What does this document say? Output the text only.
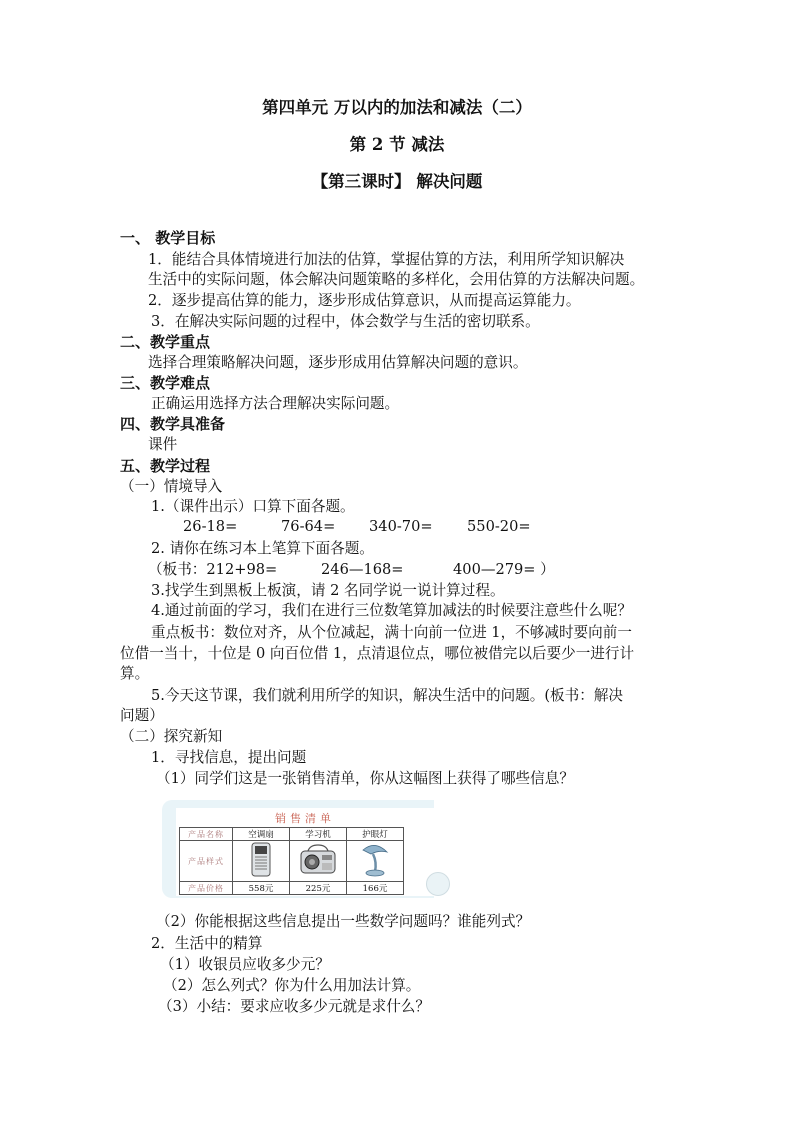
第四单元 万以内的加法和减法（二）
第 2 节 减法
【第三课时】 解决问题
一、 教学目标
1．能结合具体情境进行加法的估算，掌握估算的方法，利用所学知识解决
生活中的实际问题，体会解决问题策略的多样化，会用估算的方法解决问题。
2．逐步提高估算的能力，逐步形成估算意识，从而提高运算能力。
3．在解决实际问题的过程中，体会数学与生活的密切联系。
二、教学重点
选择合理策略解决问题，逐步形成用估算解决问题的意识。
三、教学难点
正确运用选择方法合理解决实际问题。
四、教学具准备
课件
五、教学过程
（一）情境导入
1.（课件出示）口算下面各题。
26-18=	76-64= 340-70= 550-20=
2. 请你在练习本上笔算下面各题。
（板书：212+98=	246—168=	400—279= ）
3.找学生到黑板上板演，请 2 名同学说一说计算过程。
4.通过前面的学习，我们在进行三位数笔算加减法的时候要注意些什么呢？
重点板书：数位对齐，从个位减起，满十向前一位进 1，不够减时要向前一
位借一当十，十位是 0 向百位借 1，点清退位点，哪位被借完以后要少一进行计
算。
5.今天这节课，我们就利用所学的知识，解决生活中的问题。(板书：解决
问题）
（二）探究新知
1．寻找信息，提出问题
（1）同学们这是一张销售清单，你从这幅图上获得了哪些信息？
销售清单
产品名称	空调扇	学习机	护眼灯
产品样式			
产品价格	558元	225元	166元
（2）你能根据这些信息提出一些数学问题吗？谁能列式？
2．生活中的精算
（1）收银员应收多少元？
（2）怎么列式？你为什么用加法计算。
（3）小结：要求应收多少元就是求什么？
